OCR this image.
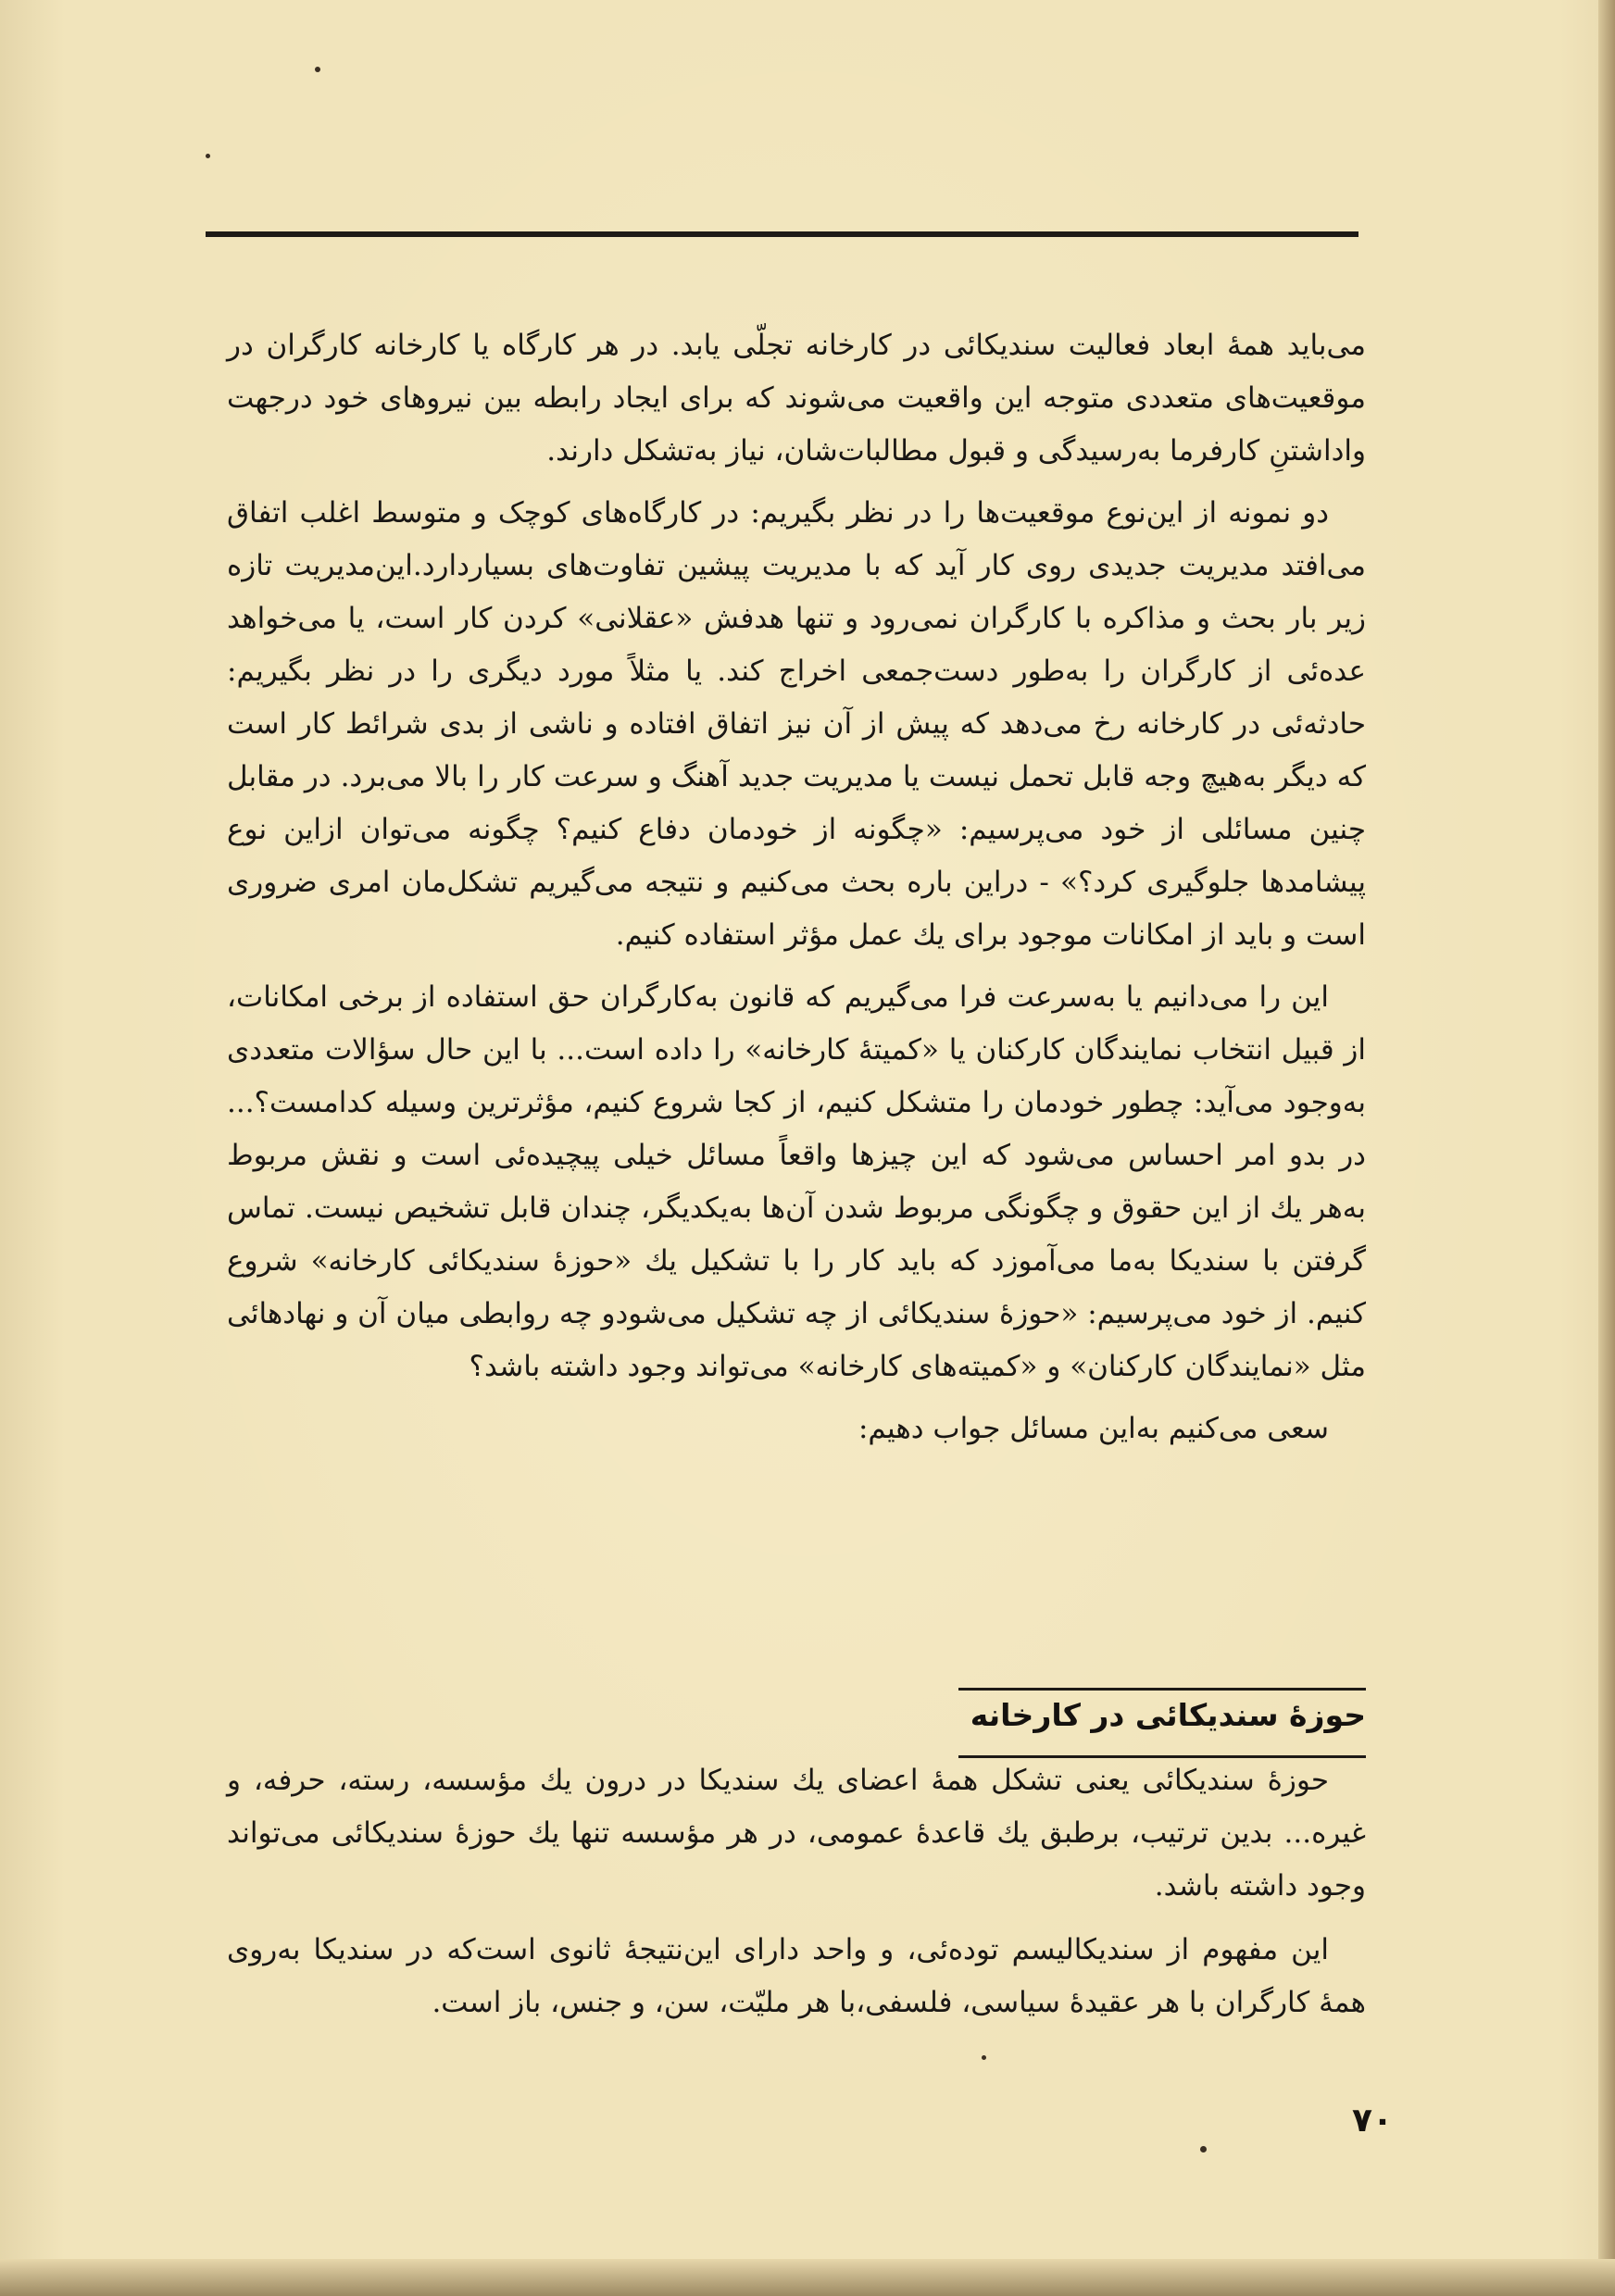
می‌باید همهٔ ابعاد فعالیت سندیکائی در کارخانه تجلّی یابد. در هر کارگاه یا کارخانه کارگران در موقعیت‌های متعددی متوجه این واقعیت می‌شوند که برای ایجاد رابطه بین نیروهای خود درجهت واداشتنِ کارفرما به‌رسیدگی و قبول مطالبات‌شان، نیاز به‌تشکل دارند.

دو نمونه از این‌نوع موقعیت‌ها را در نظر بگیریم: در کارگاه‌های کوچک و متوسط اغلب اتفاق می‌افتد مدیریت جدیدی روی کار آید که با مدیریت پیشین تفاوت‌های بسیاردارد.این‌مدیریت تازه زیر بار بحث و مذاکره با کارگران نمی‌رود و تنها هدفش «عقلانی» کردن کار است، یا می‌خواهد عده‌ئی از کارگران را به‌طور دست‌جمعی اخراج کند. یا مثلاً مورد دیگری را در نظر بگیریم: حادثه‌ئی در کارخانه رخ می‌دهد که پیش از آن نیز اتفاق افتاده و ناشی از بدی شرائط کار است که دیگر به‌هیچ وجه قابل تحمل نیست یا مدیریت جدید آهنگ و سرعت کار را بالا می‌برد. در مقابل چنین مسائلی از خود می‌پرسیم: «چگونه از خودمان دفاع کنیم؟ چگونه می‌توان ازاین نوع پیشامدها جلوگیری کرد؟» - دراین باره بحث می‌کنیم و نتیجه می‌گیریم تشکل‌مان امری ضروری است و باید از امکانات موجود برای یك عمل مؤثر استفاده کنیم.

این را می‌دانیم یا به‌سرعت فرا می‌گیریم که قانون به‌کارگران حق استفاده از برخی امکانات، از قبیل انتخاب نمایندگان کارکنان یا «کمیتهٔ کارخانه» را داده است... با این حال سؤالات متعددی به‌وجود می‌آید: چطور خودمان را متشکل کنیم، از کجا شروع کنیم، مؤثرترین وسیله کدامست؟... در بدو امر احساس می‌شود که این چیزها واقعاً مسائل خیلی پیچیده‌ئی است و نقش مربوط به‌هر یك از این حقوق و چگونگی مربوط شدن آن‌ها به‌یکدیگر، چندان قابل تشخیص نیست. تماس گرفتن با سندیکا به‌ما می‌آموزد که باید کار را با تشکیل یك «حوزهٔ سندیکائی کارخانه» شروع کنیم. از خود می‌پرسیم: «حوزهٔ سندیکائی از چه تشکیل می‌شودو چه روابطی میان آن و نهادهائی مثل «نمایندگان کارکنان» و «کمیته‌های کارخانه» می‌تواند وجود داشته باشد؟

سعی می‌کنیم به‌این مسائل جواب دهیم:

حوزهٔ سندیکائی در کارخانه

حوزهٔ سندیکائی یعنی تشکل همهٔ اعضای یك سندیکا در درون یك مؤسسه، رسته، حرفه، و غیره... بدین ترتیب، برطبق یك قاعدهٔ عمومی، در هر مؤسسه تنها یك حوزهٔ سندیکائی می‌تواند وجود داشته باشد.

این مفهوم از سندیکالیسم توده‌ئی، و واحد دارای این‌نتیجهٔ ثانوی است‌که در سندیکا به‌روی همهٔ کارگران با هر عقیدهٔ سیاسی، فلسفی،با هر ملیّت، سن، و جنس، باز است.

۷۰
